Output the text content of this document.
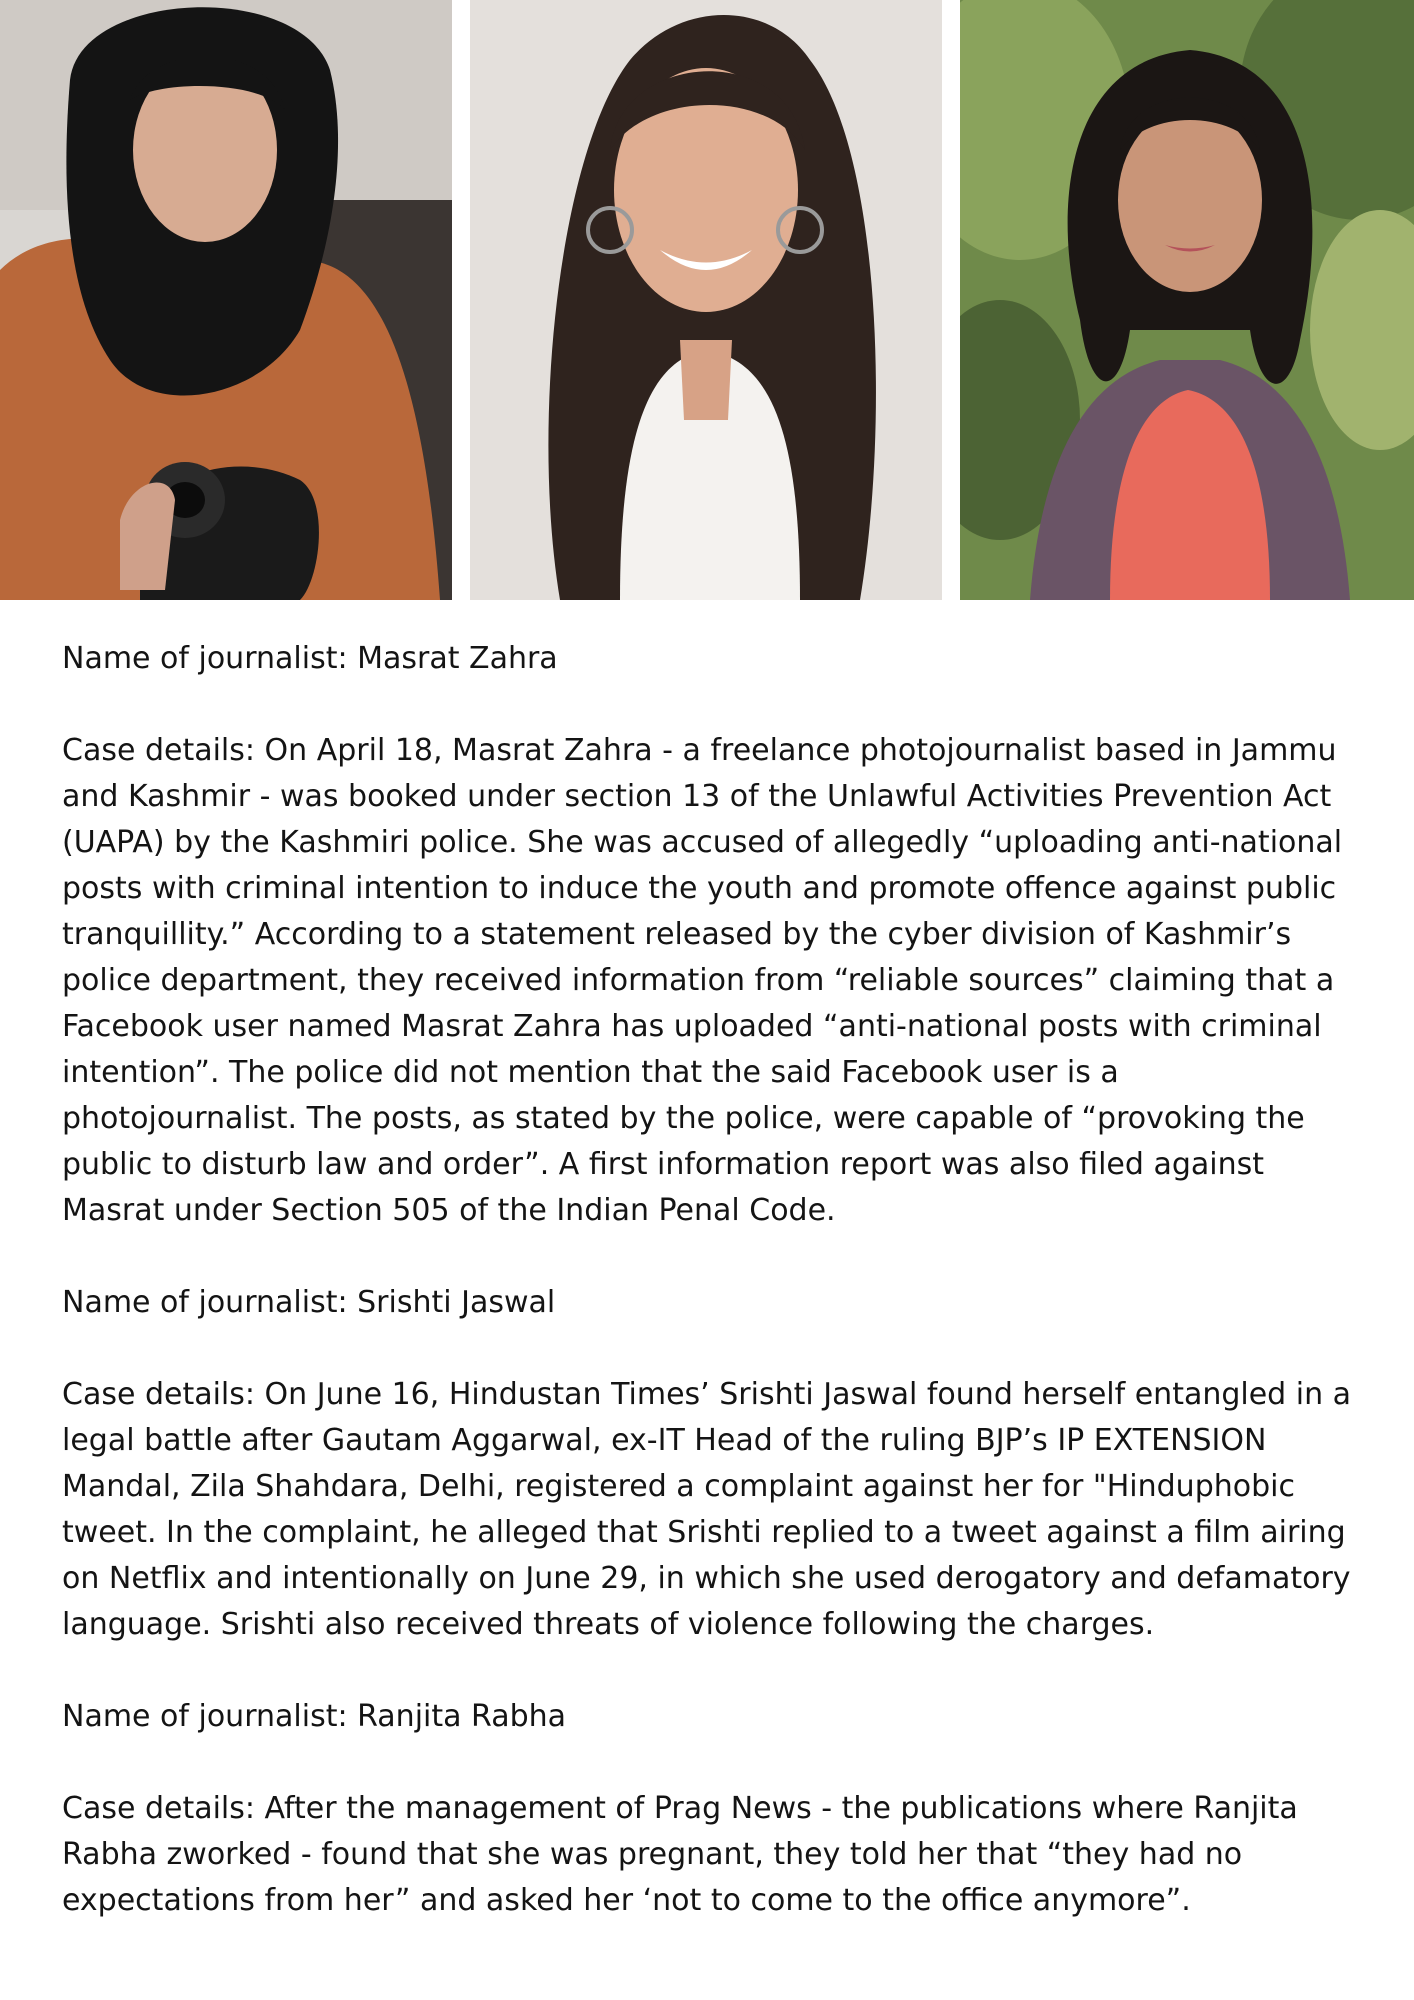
Name of journalist: Masrat Zahra

Case details: On April 18, Masrat Zahra - a freelance photojournalist based in Jammu and Kashmir - was booked under section 13 of the Unlawful Activities Prevention Act (UAPA) by the Kashmiri police. She was accused of allegedly “uploading anti-national posts with criminal intention to induce the youth and promote offence against public tranquillity.” According to a statement released by the cyber division of Kashmir’s police department, they received information from “reliable sources” claiming that a Facebook user named Masrat Zahra has uploaded “anti-national posts with criminal intention”. The police did not mention that the said Facebook user is a photojournalist. The posts, as stated by the police, were capable of “provoking the public to disturb law and order”. A first information report was also filed against Masrat under Section 505 of the Indian Penal Code.

Name of journalist: Srishti Jaswal

Case details: On June 16, Hindustan Times’ Srishti Jaswal found herself entangled in a legal battle after Gautam Aggarwal, ex-IT Head of the ruling BJP’s IP EXTENSION Mandal, Zila Shahdara, Delhi, registered a complaint against her for "Hinduphobic tweet. In the complaint, he alleged that Srishti replied to a tweet against a film airing on Netflix and intentionally on June 29, in which she used derogatory and defamatory language. Srishti also received threats of violence following the charges.

Name of journalist: Ranjita Rabha

Case details: After the management of Prag News - the publications where Ranjita Rabha zworked - found that she was pregnant, they told her that “they had no expectations from her” and asked her ‘not to come to the office anymore”.
